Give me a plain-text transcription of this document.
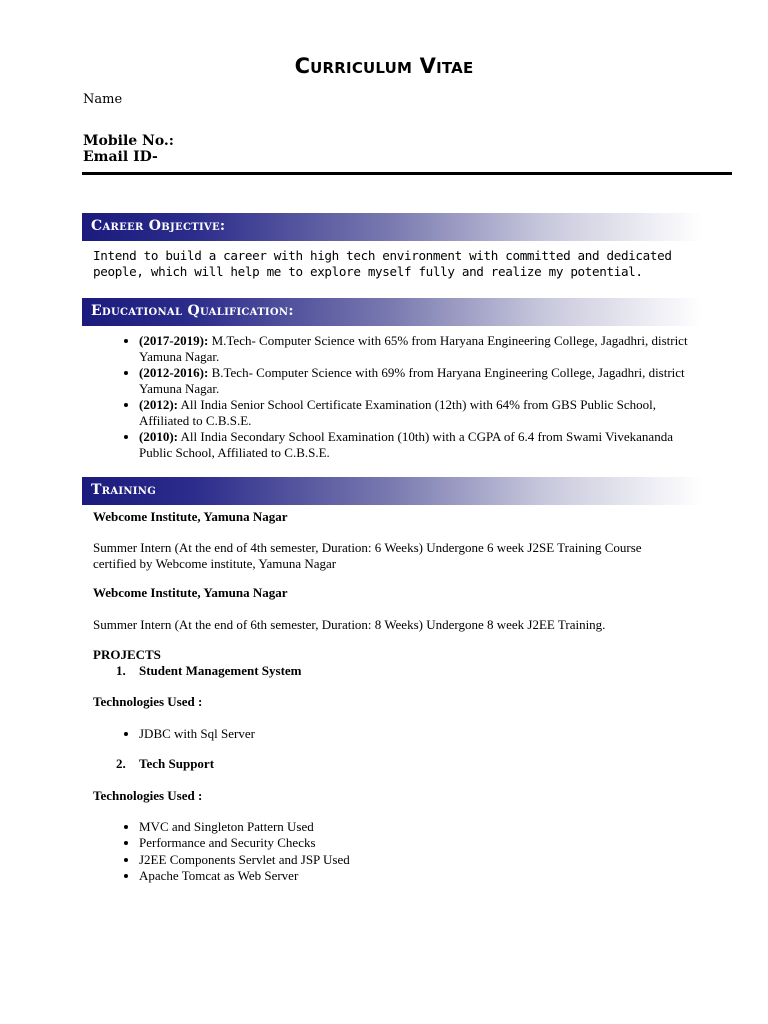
Curriculum Vitae
Name
Mobile No.:
Email ID-
Career Objective:
Intend to build a career with high tech environment with committed and dedicated people, which will help me to explore myself fully and realize my potential.
Educational Qualification:
• (2017-2019): M.Tech- Computer Science with 65% from Haryana Engineering College, Jagadhri, district Yamuna Nagar.
• (2012-2016): B.Tech- Computer Science with 69% from Haryana Engineering College, Jagadhri, district Yamuna Nagar.
• (2012): All India Senior School Certificate Examination (12th) with 64% from GBS Public School, Affiliated to C.B.S.E.
• (2010): All India Secondary School Examination (10th) with a CGPA of 6.4 from Swami Vivekananda Public School, Affiliated to C.B.S.E.
Training
Webcome Institute, Yamuna Nagar
Summer Intern (At the end of 4th semester, Duration: 6 Weeks) Undergone 6 week J2SE Training Course certified by Webcome institute, Yamuna Nagar
Webcome Institute, Yamuna Nagar
Summer Intern (At the end of 6th semester, Duration: 8 Weeks) Undergone 8 week J2EE Training.
PROJECTS
1. Student Management System
Technologies Used :
• JDBC with Sql Server
2. Tech Support
Technologies Used :
• MVC and Singleton Pattern Used
• Performance and Security Checks
• J2EE Components Servlet and JSP Used
• Apache Tomcat as Web Server
